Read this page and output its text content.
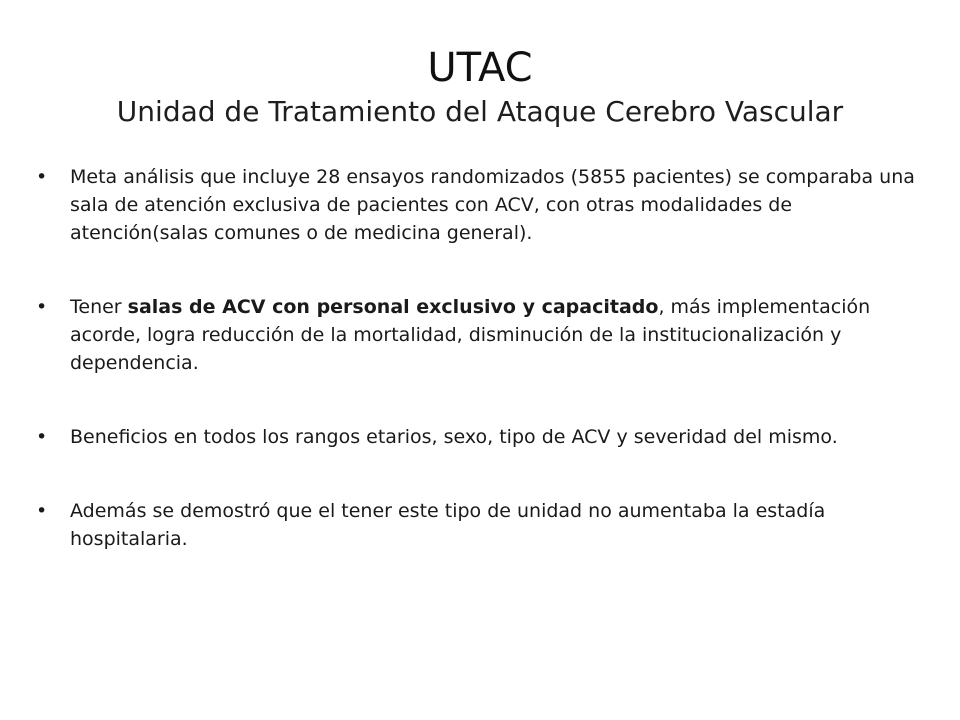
UTAC
Unidad de Tratamiento del Ataque Cerebro Vascular
• Meta análisis que incluye 28 ensayos randomizados (5855 pacientes) se comparaba una sala de atención exclusiva de pacientes con ACV, con otras modalidades de atención(salas comunes o de medicina general).
• Tener salas de ACV con personal exclusivo y capacitado, más implementación acorde, logra reducción de la mortalidad, disminución de la institucionalización y dependencia.
• Beneficios en todos los rangos etarios, sexo, tipo de ACV y severidad del mismo.
• Además se demostró que el tener este tipo de unidad no aumentaba la estadía hospitalaria.
